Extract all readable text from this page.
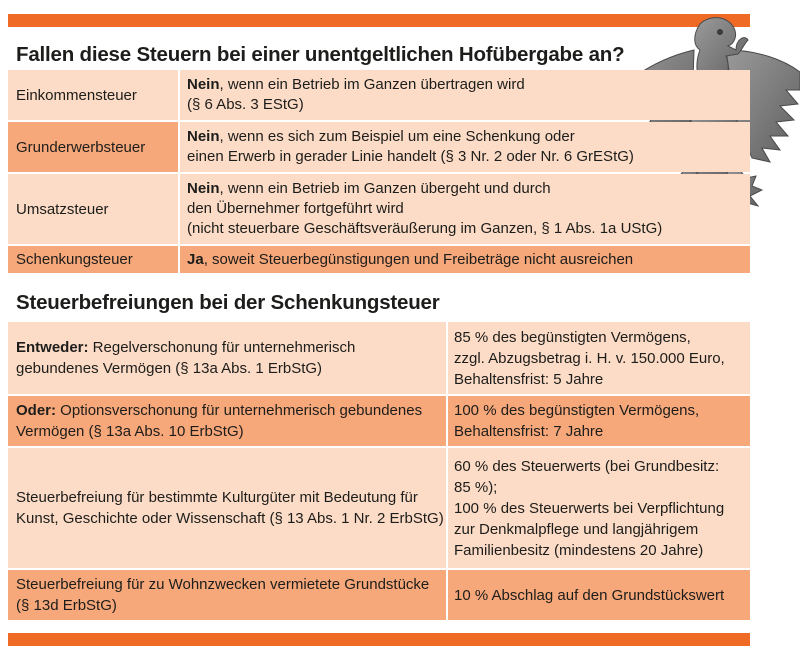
Fallen diese Steuern bei einer unentgeltlichen Hofübergabe an?
Einkommensteuer
Nein, wenn ein Betrieb im Ganzen übertragen wird
(§ 6 Abs. 3 EStG)
Grunderwerbsteuer
Nein, wenn es sich zum Beispiel um eine Schenkung oder
einen Erwerb in gerader Linie handelt (§ 3 Nr. 2 oder Nr. 6 GrEStG)
Umsatzsteuer
Nein, wenn ein Betrieb im Ganzen übergeht und durch
den Übernehmer fortgeführt wird
(nicht steuerbare Geschäftsveräußerung im Ganzen, § 1 Abs. 1a UStG)
Schenkungsteuer	Ja, soweit Steuerbegünstigungen und Freibeträge nicht ausreichen
Steuerbefreiungen bei der Schenkungsteuer
Entweder: Regelverschonung für unternehmerisch
gebundenes Vermögen (§ 13a Abs. 1 ErbStG)
85 % des begünstigten Vermögens,
zzgl. Abzugsbetrag i. H. v. 150.000 Euro,
Behaltensfrist: 5 Jahre
Oder: Optionsverschonung für unternehmerisch gebundenes
Vermögen (§ 13a Abs. 10 ErbStG)
100 % des begünstigten Vermögens,
Behaltensfrist: 7 Jahre
Steuerbefreiung für bestimmte Kulturgüter mit Bedeutung für
Kunst, Geschichte oder Wissenschaft (§ 13 Abs. 1 Nr. 2 ErbStG)
60 % des Steuerwerts (bei Grundbesitz:
85 %);
100 % des Steuerwerts bei Verpflichtung
zur Denkmalpflege und langjährigem
Familienbesitz (mindestens 20 Jahre)
Steuerbefreiung für zu Wohnzwecken vermietete Grundstücke
(§ 13d ErbStG)
10 % Abschlag auf den Grundstückswert
